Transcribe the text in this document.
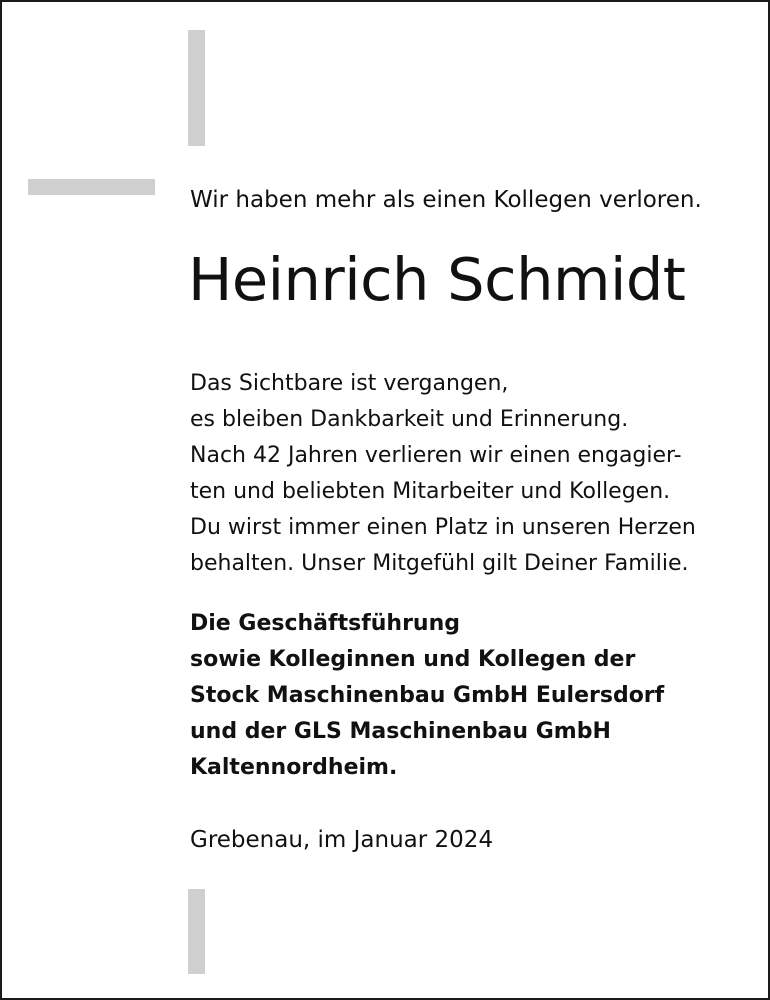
Wir haben mehr als einen Kollegen verloren.
Heinrich Schmidt
Das Sichtbare ist vergangen,
es bleiben Dankbarkeit und Erinnerung.
Nach 42 Jahren verlieren wir einen engagier-
ten und beliebten Mitarbeiter und Kollegen.
Du wirst immer einen Platz in unseren Herzen
behalten. Unser Mitgefühl gilt Deiner Familie.
Die Geschäftsführung
sowie Kolleginnen und Kollegen der
Stock Maschinenbau GmbH Eulersdorf
und der GLS Maschinenbau GmbH
Kaltennordheim.
Grebenau, im Januar 2024
